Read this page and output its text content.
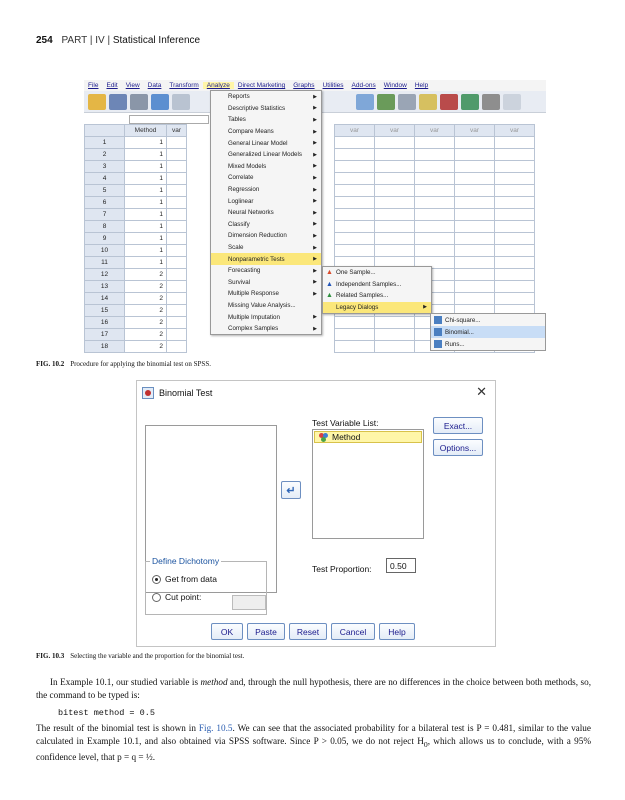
254 PART | IV | Statistical Inference
File	Edit	View	Data	Transform	Analyze	Direct Marketing	Graphs	Utilities	Add-ons	Window	Help
	Method	var
1	1	
2	1	
3	1	
4	1	
5	1	
6	1	
7	1	
8	1	
9	1	
10	1	
11	1	
12	2	
13	2	
14	2	
15	2	
16	2	
17	2	
18	2	
var	var	var	var	var

Reports	▶
Descriptive Statistics	▶
Tables	▶
Compare Means	▶
General Linear Model	▶
Generalized Linear Models ▶
Mixed Models	▶
Correlate	▶
Regression	▶
Loglinear	▶
Neural Networks	▶
Classify	▶
Dimension Reduction	▶
Scale	▶
Nonparametric Tests	▶
Forecasting	▶
Survival	▶
Multiple Response	▶
Missing Value Analysis...
Multiple Imputation	▶
Complex Samples	▶
▲ One Sample...
▲ Independent Samples...
▲ Related Samples...
Legacy Dialogs	▶
Chi-square...
Binomial...
Runs...
FIG. 10.2 Procedure for applying the binomial test on SPSS.
Binomial Test	✕
↵
Test Variable List:
Method
Exact...
Options...
Define Dichotomy
Get from data
Cut point:
Test Proportion:	0.50
OK	Paste	Reset	Cancel	Help
FIG. 10.3 Selecting the variable and the proportion for the binomial test.
In Example 10.1, our studied variable is method and, through the null hypothesis, there are no differences in the choice between both methods, so, the command to be typed is:
bitest method = 0.5
The result of the binomial test is shown in Fig. 10.5. We can see that the associated probability for a bilateral test is P = 0.481, similar to the value calculated in Example 10.1, and also obtained via SPSS software. Since P > 0.05, we do not reject $H_0$, which allows us to conclude, with a 95% confidence level, that p = q = ½.
